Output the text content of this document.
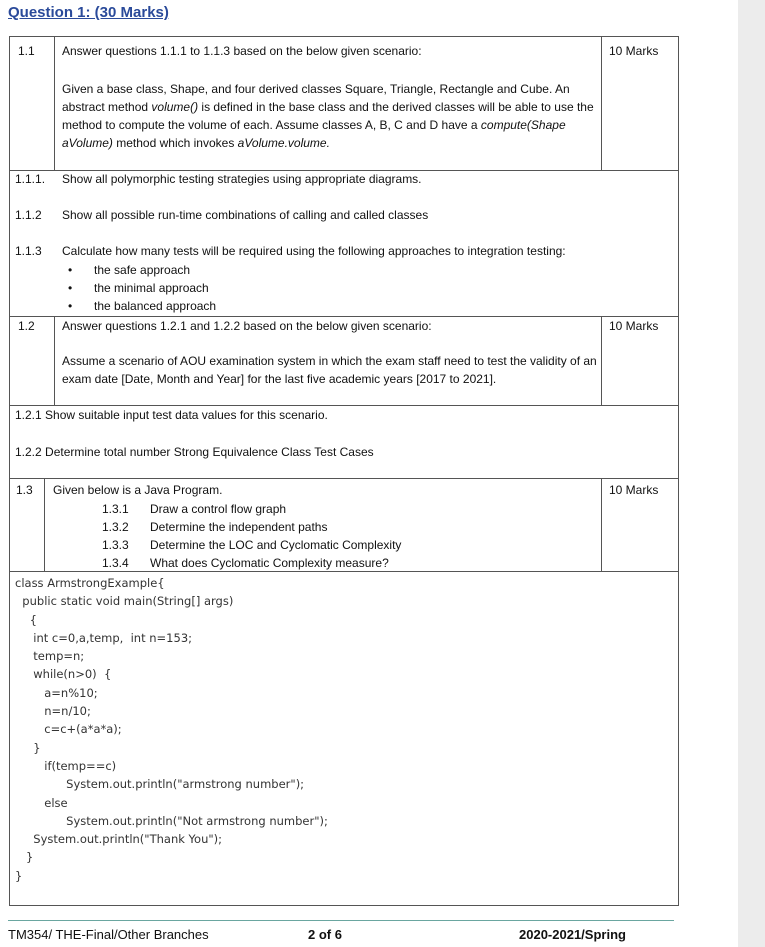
Question 1: (30 Marks)
1.1 Answer questions 1.1.1 to 1.1.3 based on the below given scenario:	10 Marks
Given a base class, Shape, and four derived classes Square, Triangle, Rectangle and Cube. An abstract method volume() is defined in the base class and the derived classes will be able to use the method to compute the volume of each. Assume classes A, B, C and D have a compute(Shape aVolume) method which invokes aVolume.volume.
1.1.1. Show all polymorphic testing strategies using appropriate diagrams.
1.1.2 Show all possible run-time combinations of calling and called classes
1.1.3 Calculate how many tests will be required using the following approaches to integration testing:
• the safe approach
• the minimal approach
• the balanced approach
1.2 Answer questions 1.2.1 and 1.2.2 based on the below given scenario:	10 Marks
Assume a scenario of AOU examination system in which the exam staff need to test the validity of an exam date [Date, Month and Year] for the last five academic years [2017 to 2021].
1.2.1 Show suitable input test data values for this scenario.
1.2.2 Determine total number Strong Equivalence Class Test Cases
1.3 Given below is a Java Program.	10 Marks
1.3.1	Draw a control flow graph
1.3.2	Determine the independent paths
1.3.3	Determine the LOC and Cyclomatic Complexity
1.3.4	What does Cyclomatic Complexity measure?
class ArmstrongExample{
public static void main(String[] args)
{
int c=0,a,temp,  int n=153;
temp=n;
while(n>0)  {
a=n%10;
n=n/10;
c=c+(a*a*a);
}
if(temp==c)
System.out.println("armstrong number");
else
System.out.println("Not armstrong number");
System.out.println("Thank You");
}
}
TM354/ THE-Final/Other Branches	2 of 6	2020-2021/Spring
